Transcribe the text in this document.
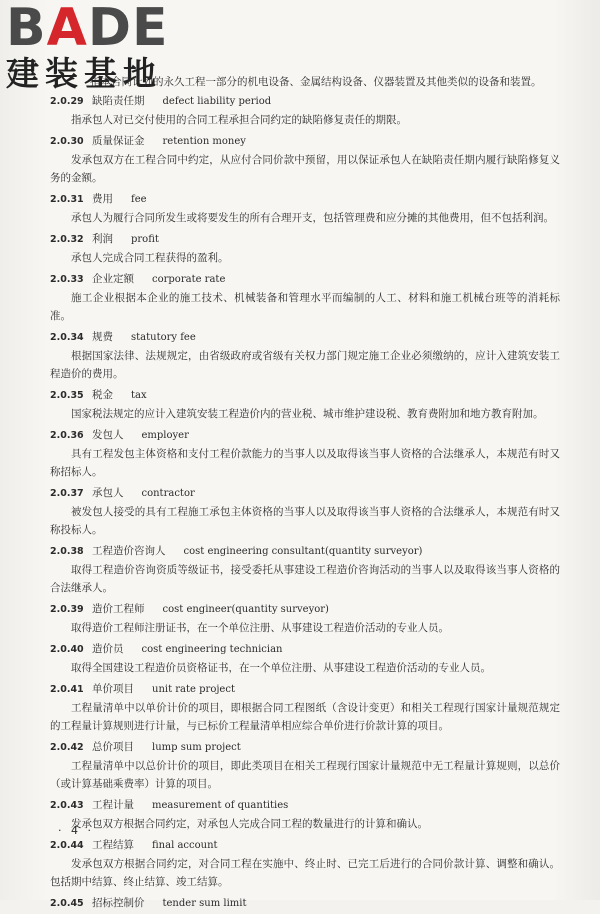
BADE
建装基地
指本合同计划的永久工程一部分的机电设备、金属结构设备、仪器装置及其他类似的设备和装置。
2.0.29 缺陷责任期 defect liability period
指承包人对已交付使用的合同工程承担合同约定的缺陷修复责任的期限。
2.0.30 质量保证金 retention money
发承包双方在工程合同中约定，从应付合同价款中预留，用以保证承包人在缺陷责任期内履行缺陷修复义务的金额。
2.0.31 费用 fee
承包人为履行合同所发生或将要发生的所有合理开支，包括管理费和应分摊的其他费用，但不包括利润。
2.0.32 利润 profit
承包人完成合同工程获得的盈利。
2.0.33 企业定额 corporate rate
施工企业根据本企业的施工技术、机械装备和管理水平而编制的人工、材料和施工机械台班等的消耗标准。
2.0.34 规费 statutory fee
根据国家法律、法规规定，由省级政府或省级有关权力部门规定施工企业必须缴纳的，应计入建筑安装工程造价的费用。
2.0.35 税金 tax
国家税法规定的应计入建筑安装工程造价内的营业税、城市维护建设税、教育费附加和地方教育附加。
2.0.36 发包人 employer
具有工程发包主体资格和支付工程价款能力的当事人以及取得该当事人资格的合法继承人，本规范有时又称招标人。
2.0.37 承包人 contractor
被发包人接受的具有工程施工承包主体资格的当事人以及取得该当事人资格的合法继承人，本规范有时又称投标人。
2.0.38 工程造价咨询人 cost engineering consultant(quantity surveyor)
取得工程造价咨询资质等级证书，接受委托从事建设工程造价咨询活动的当事人以及取得该当事人资格的合法继承人。
2.0.39 造价工程师 cost engineer(quantity surveyor)
取得造价工程师注册证书，在一个单位注册、从事建设工程造价活动的专业人员。
2.0.40 造价员 cost engineering technician
取得全国建设工程造价员资格证书，在一个单位注册、从事建设工程造价活动的专业人员。
2.0.41 单价项目 unit rate project
工程量清单中以单价计价的项目，即根据合同工程图纸（含设计变更）和相关工程现行国家计量规范规定的工程量计算规则进行计量，与已标价工程量清单相应综合单价进行价款计算的项目。
2.0.42 总价项目 lump sum project
工程量清单中以总价计价的项目，即此类项目在相关工程现行国家计量规范中无工程量计算规则，以总价（或计算基础乘费率）计算的项目。
2.0.43 工程计量 measurement of quantities
发承包双方根据合同约定，对承包人完成合同工程的数量进行的计算和确认。
2.0.44 工程结算 final account
发承包双方根据合同约定，对合同工程在实施中、终止时、已完工后进行的合同价款计算、调整和确认。包括期中结算、终止结算、竣工结算。
2.0.45 招标控制价 tender sum limit
· 4 ·
